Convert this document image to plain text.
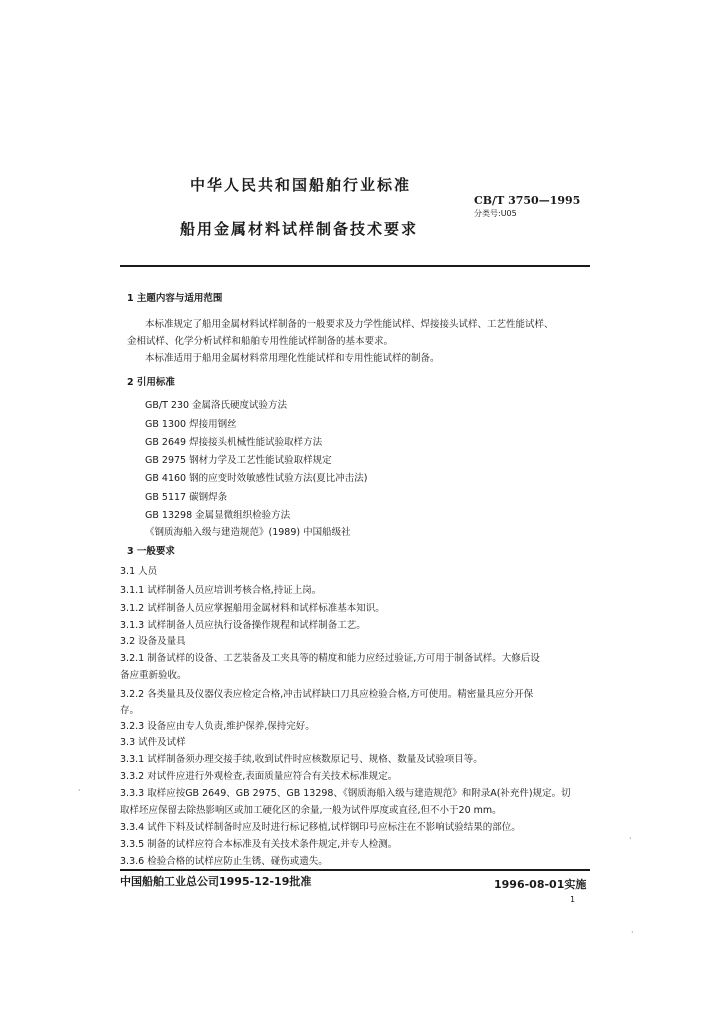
中华人民共和国船舶行业标准
CB/T 3750—1995
分类号:U05
船用金属材料试样制备技术要求
1 主题内容与适用范围
本标准规定了船用金属材料试样制备的一般要求及力学性能试样、焊接接头试样、工艺性能试样、
金相试样、化学分析试样和船舶专用性能试样制备的基本要求。
本标准适用于船用金属材料常用理化性能试样和专用性能试样的制备。
2 引用标准
GB/T 230 金属洛氏硬度试验方法
GB 1300 焊接用钢丝
GB 2649 焊接接头机械性能试验取样方法
GB 2975 钢材力学及工艺性能试验取样规定
GB 4160 钢的应变时效敏感性试验方法(夏比冲击法)
GB 5117 碳钢焊条
GB 13298 金属显微组织检验方法
《钢质海船入级与建造规范》(1989) 中国船级社
3 一般要求
3.1 人员
3.1.1 试样制备人员应培训考核合格,持证上岗。
3.1.2 试样制备人员应掌握船用金属材料和试样标准基本知识。
3.1.3 试样制备人员应执行设备操作规程和试样制备工艺。
3.2 设备及量具
3.2.1 制备试样的设备、工艺装备及工夹具等的精度和能力应经过验证,方可用于制备试样。大修后设
备应重新验收。
3.2.2 各类量具及仪器仪表应检定合格,冲击试样缺口刀具应检验合格,方可使用。精密量具应分开保
存。
3.2.3 设备应由专人负责,维护保养,保持完好。
3.3 试件及试样
3.3.1 试样制备须办理交接手续,收到试件时应核数原记号、规格、数量及试验项目等。
3.3.2 对试件应进行外观检查,表面质量应符合有关技术标准规定。
3.3.3 取样应按GB 2649、GB 2975、GB 13298、《钢质海船入级与建造规范》和附录A(补充件)规定。切
取样坯应保留去除热影响区或加工硬化区的余量,一般为试件厚度或直径,但不小于20 mm。
3.3.4 试件下料及试样制备时应及时进行标记移植,试样钢印号应标注在不影响试验结果的部位。
3.3.5 制备的试样应符合本标准及有关技术条件规定,并专人检测。
3.3.6 检验合格的试样应防止生锈、碰伤或遗失。
中国船舶工业总公司1995-12-19批准	1996-08-01实施
1
·
·
·
